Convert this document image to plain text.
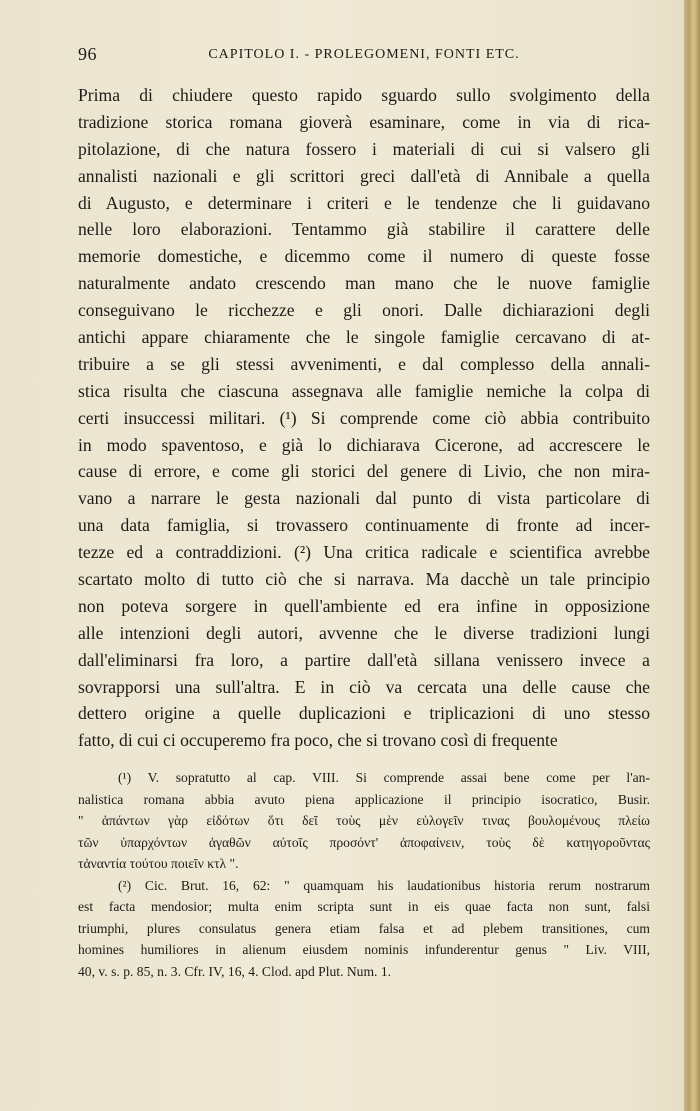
96	CAPITOLO I. - PROLEGOMENI, FONTI ETC.
Prima di chiudere questo rapido sguardo sullo svolgimento della
tradizione storica romana gioverà esaminare, come in via di rica-
pitolazione, di che natura fossero i materiali di cui si valsero gli
annalisti nazionali e gli scrittori greci dall'età di Annibale a quella
di Augusto, e determinare i criteri e le tendenze che li guidavano
nelle loro elaborazioni. Tentammo già stabilire il carattere delle
memorie domestiche, e dicemmo come il numero di queste fosse
naturalmente andato crescendo man mano che le nuove famiglie
conseguivano le ricchezze e gli onori. Dalle dichiarazioni degli
antichi appare chiaramente che le singole famiglie cercavano di at-
tribuire a se gli stessi avvenimenti, e dal complesso della annali-
stica risulta che ciascuna assegnava alle famiglie nemiche la colpa di
certi insuccessi militari. (¹) Si comprende come ciò abbia contribuito
in modo spaventoso, e già lo dichiarava Cicerone, ad accrescere le
cause di errore, e come gli storici del genere di Livio, che non mira-
vano a narrare le gesta nazionali dal punto di vista particolare di
una data famiglia, si trovassero continuamente di fronte ad incer-
tezze ed a contraddizioni. (²) Una critica radicale e scientifica avrebbe
scartato molto di tutto ciò che si narrava. Ma dacchè un tale principio
non poteva sorgere in quell'ambiente ed era infine in opposizione
alle intenzioni degli autori, avvenne che le diverse tradizioni lungi
dall'eliminarsi fra loro, a partire dall'età sillana venissero invece a
sovrapporsi una sull'altra. E in ciò va cercata una delle cause che
dettero origine a quelle duplicazioni e triplicazioni di uno stesso
fatto, di cui ci occuperemo fra poco, che si trovano così di frequente
(¹) V. sopratutto al cap. VIII. Si comprende assai bene come per l'an-
nalistica romana abbia avuto piena applicazione il principio isocratico, Busir.
" ἁπάντων γὰρ εἰδότων ὅτι δεῖ τοὺς μὲν εὐλογεῖν τινας βουλομένους πλείω
τῶν ὑπαρχόντων ἀγαθῶν αὐτοῖς προσόντ' ἀποφαίνειν, τοὺς δὲ κατηγοροῦντας
τἀναντία τούτου ποιεῖν κτλ ".
(²) Cic. Brut. 16, 62: " quamquam his laudationibus historia rerum nostrarum
est facta mendosior; multa enim scripta sunt in eis quae facta non sunt, falsi
triumphi, plures consulatus genera etiam falsa et ad plebem transitiones, cum
homines humiliores in alienum eiusdem nominis infunderentur genus " Liv. VIII,
40, v. s. p. 85, n. 3. Cfr. IV, 16, 4. Clod. apd Plut. Num. 1.
